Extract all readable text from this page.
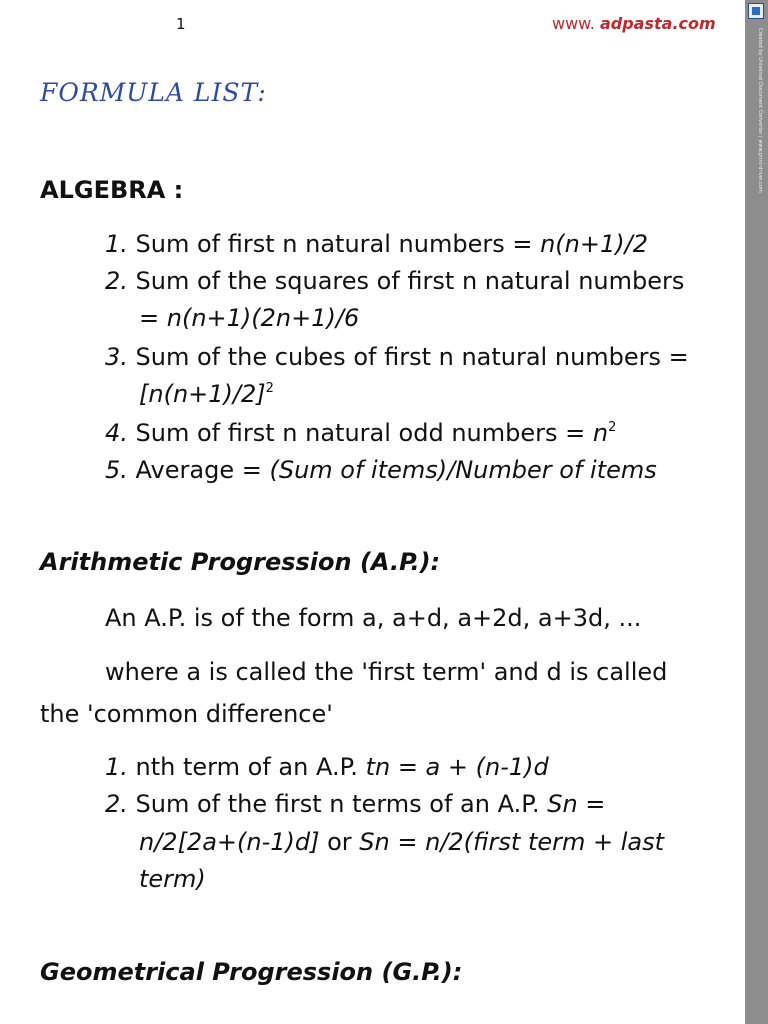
1	www. adpasta.com
FORMULA LIST:
ALGEBRA :
1. Sum of first n natural numbers = n(n+1)/2
2. Sum of the squares of first n natural numbers
= n(n+1)(2n+1)/6
3. Sum of the cubes of first n natural numbers =
$[n(n+1)/2]^2$
4. Sum of first n natural odd numbers = $n^2$
5. Average = (Sum of items)/Number of items
Arithmetic Progression (A.P.):
An A.P. is of the form a, a+d, a+2d, a+3d, ...
where a is called the 'first term' and d is called
the 'common difference'
1. nth term of an A.P. tn = a + (n-1)d
2. Sum of the first n terms of an A.P. Sn =
n/2[2a+(n-1)d] or Sn = n/2(first term + last
term)
Geometrical Progression (G.P.):
Created by Universal Document Converter | www.print-driver.com
